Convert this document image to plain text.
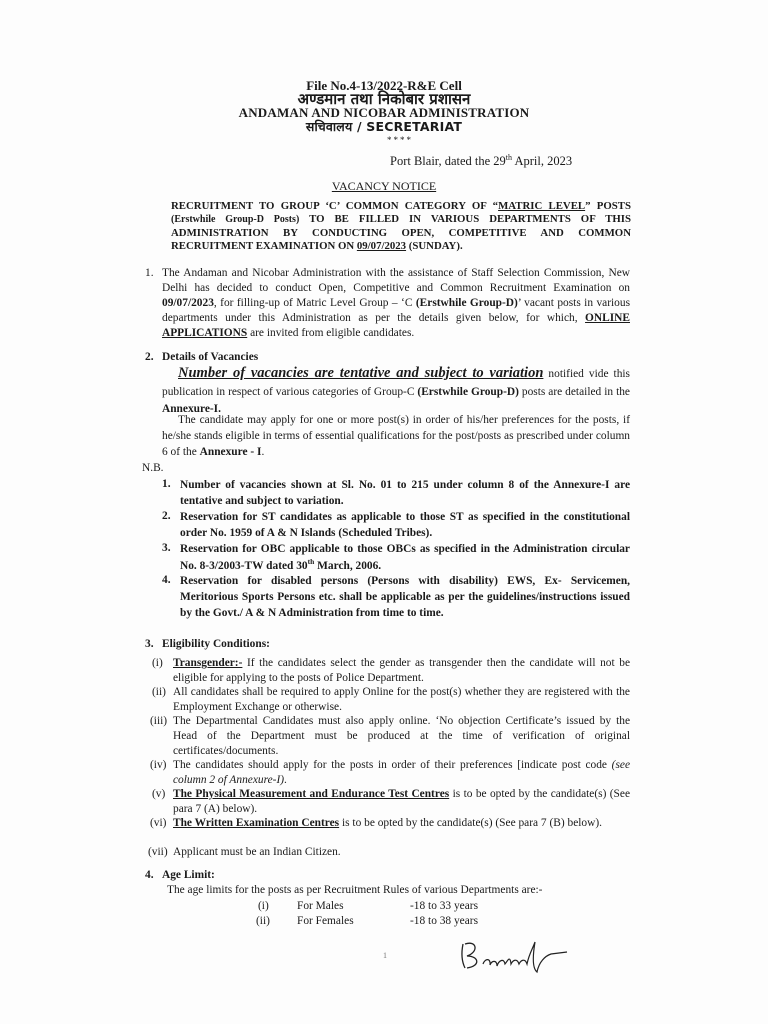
File No.4-13/2022-R&E Cell
अण्डमान तथा निकोबार प्रशासन
ANDAMAN AND NICOBAR ADMINISTRATION
सचिवालय / SECRETARIAT
****
Port Blair, dated the 29th April, 2023
VACANCY NOTICE
RECRUITMENT TO GROUP ‘C’ COMMON CATEGORY OF “MATRIC LEVEL” POSTS (Erstwhile Group-D Posts) TO BE FILLED IN VARIOUS DEPARTMENTS OF THIS ADMINISTRATION BY CONDUCTING OPEN, COMPETITIVE AND COMMON RECRUITMENT EXAMINATION ON 09/07/2023 (SUNDAY).
1. The Andaman and Nicobar Administration with the assistance of Staff Selection Commission, New Delhi has decided to conduct Open, Competitive and Common Recruitment Examination on 09/07/2023, for filling-up of Matric Level Group – ‘C (Erstwhile Group-D)’ vacant posts in various departments under this Administration as per the details given below, for which, ONLINE APPLICATIONS are invited from eligible candidates.
2. Details of Vacancies
Number of vacancies are tentative and subject to variation notified vide this publication in respect of various categories of Group-C (Erstwhile Group-D) posts are detailed in the Annexure-I.
The candidate may apply for one or more post(s) in order of his/her preferences for the posts, if he/she stands eligible in terms of essential qualifications for the post/posts as prescribed under column 6 of the Annexure - I.
N.B.
1. Number of vacancies shown at Sl. No. 01 to 215 under column 8 of the Annexure-I are tentative and subject to variation.
2. Reservation for ST candidates as applicable to those ST as specified in the constitutional order No. 1959 of A & N Islands (Scheduled Tribes).
3. Reservation for OBC applicable to those OBCs as specified in the Administration circular No. 8-3/2003-TW dated 30th March, 2006.
4. Reservation for disabled persons (Persons with disability) EWS, Ex- Servicemen, Meritorious Sports Persons etc. shall be applicable as per the guidelines/instructions issued by the Govt./ A & N Administration from time to time.
3. Eligibility Conditions:
(i) Transgender:- If the candidates select the gender as transgender then the candidate will not be eligible for applying to the posts of Police Department.
(ii) All candidates shall be required to apply Online for the post(s) whether they are registered with the Employment Exchange or otherwise.
(iii) The Departmental Candidates must also apply online. ‘No objection Certificate’s issued by the Head of the Department must be produced at the time of verification of original certificates/documents.
(iv) The candidates should apply for the posts in order of their preferences [indicate post code (see column 2 of Annexure-I).
(v) The Physical Measurement and Endurance Test Centres is to be opted by the candidate(s) (See para 7 (A) below).
(vi) The Written Examination Centres is to be opted by the candidate(s) (See para 7 (B) below).
(vii) Applicant must be an Indian Citizen.
4. Age Limit:
The age limits for the posts as per Recruitment Rules of various Departments are:-
(i) For Males	-18 to 33 years
(ii) For Females	-18 to 38 years
1
